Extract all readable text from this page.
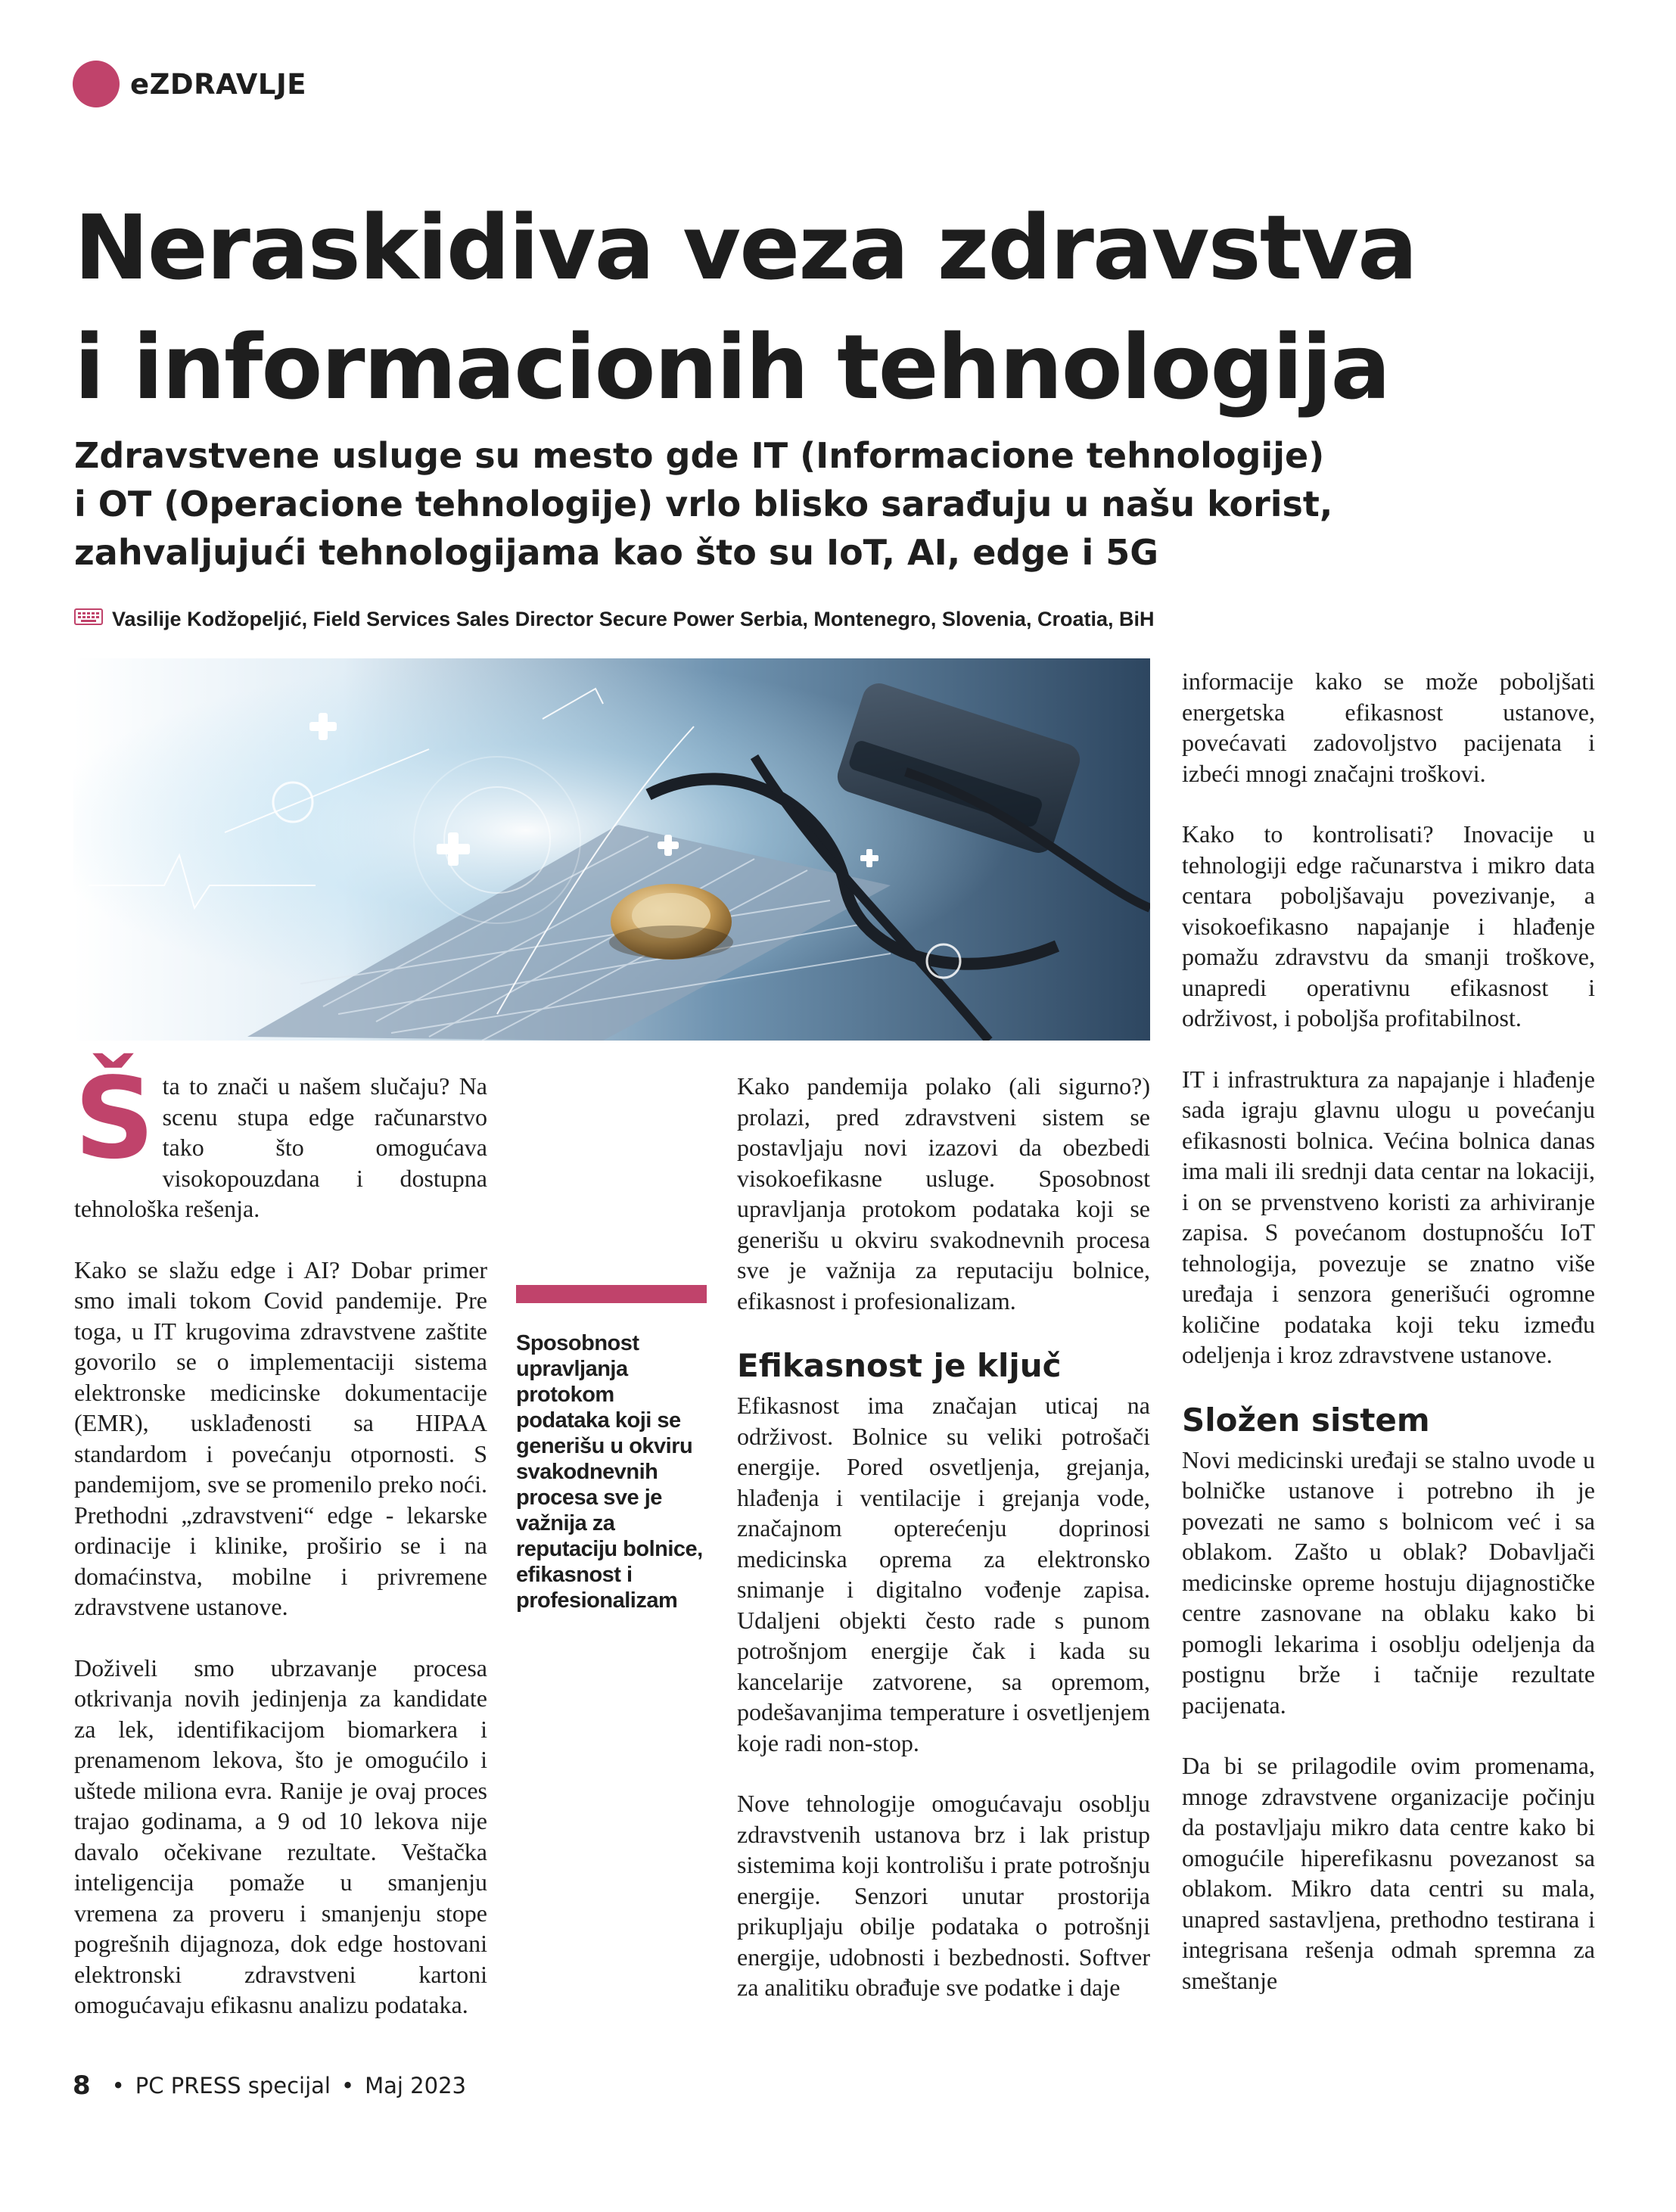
eZDRAVLJE
Neraskidiva veza zdravstva
i informacionih tehnologija
Zdravstvene usluge su mesto gde IT (Informacione tehnologije)
i OT (Operacione tehnologije) vrlo blisko sarađuju u našu korist,
zahvaljujući tehnologijama kao što su IoT, AI, edge i 5G
Vasilije Kodžopeljić, Field Services Sales Director Secure Power Serbia, Montenegro, Slovenia, Croatia, BiH

Š ta to znači u našem slučaju? Na scenu stupa edge računarstvo tako što omogućava visokopouzdana i dostupna tehnološka rešenja.

Kako se slažu edge i AI? Dobar primer smo imali tokom Covid pandemije. Pre toga, u IT krugovima zdravstvene zaštite govorilo se o implementaciji sistema elektronske medicinske dokumentacije (EMR), usklađenosti sa HIPAA standardom i povećanju otpornosti. S pandemijom, sve se promenilo preko noći. Prethodni „zdravstveni“ edge - lekarske ordinacije i klinike, proširio se i na domaćinstva, mobilne i privremene zdravstvene ustanove.

Doživeli smo ubrzavanje procesa otkrivanja novih jedinjenja za kandidate za lek, identifikacijom biomarkera i prenamenom lekova, što je omogućilo i uštede miliona evra. Ranije je ovaj proces trajao godinama, a 9 od 10 lekova nije davalo očekivane rezultate. Veštačka inteligencija pomaže u smanjenju vremena za proveru i smanjenju stope pogrešnih dijagnoza, dok edge hostovani elektronski zdravstveni kartoni omogućavaju efikasnu analizu podataka.

Sposobnost upravljanja protokom podataka koji se generišu u okviru svakodnevnih procesa sve je važnija za reputaciju bolnice, efikasnost i profesionalizam

Kako pandemija polako (ali sigurno?) prolazi, pred zdravstveni sistem se postavljaju novi izazovi da obezbedi visokoefikasne usluge. Sposobnost upravljanja protokom podataka koji se generišu u okviru svakodnevnih procesa sve je važnija za reputaciju bolnice, efikasnost i profesionalizam.

Efikasnost je ključ

Efikasnost ima značajan uticaj na održivost. Bolnice su veliki potrošači energije. Pored osvetljenja, grejanja, hlađenja i ventilacije i grejanja vode, značajnom opterećenju doprinosi medicinska oprema za elektronsko snimanje i digitalno vođenje zapisa. Udaljeni objekti često rade s punom potrošnjom energije čak i kada su kancelarije zatvorene, sa opremom, podešavanjima temperature i osvetljenjem koje radi non-stop.

Nove tehnologije omogućavaju osoblju zdravstvenih ustanova brz i lak pristup sistemima koji kontrolišu i prate potrošnju energije. Senzori unutar prostorija prikupljaju obilje podataka o potrošnji energije, udobnosti i bezbednosti. Softver za analitiku obrađuje sve podatke i daje

informacije kako se može poboljšati energetska efikasnost ustanove, povećavati zadovoljstvo pacijenata i izbeći mnogi značajni troškovi.

Kako to kontrolisati? Inovacije u tehnologiji edge računarstva i mikro data centara poboljšavaju povezivanje, a visokoefikasno napajanje i hlađenje pomažu zdravstvu da smanji troškove, unapredi operativnu efikasnost i održivost, i poboljša profitabilnost.

IT i infrastruktura za napajanje i hlađenje sada igraju glavnu ulogu u povećanju efikasnosti bolnica. Većina bolnica danas ima mali ili srednji data centar na lokaciji, i on se prvenstveno koristi za arhiviranje zapisa. S povećanom dostupnošću IoT tehnologija, povezuje se znatno više uređaja i senzora generišući ogromne količine podataka koji teku između odeljenja i kroz zdravstvene ustanove.

Složen sistem

Novi medicinski uređaji se stalno uvode u bolničke ustanove i potrebno ih je povezati ne samo s bolnicom već i sa oblakom. Zašto u oblak? Dobavljači medicinske opreme hostuju dijagnostičke centre zasnovane na oblaku kako bi pomogli lekarima i osoblju odeljenja da postignu brže i tačnije rezultate pacijenata.

Da bi se prilagodile ovim promenama, mnoge zdravstvene organizacije počinju da postavljaju mikro data centre kako bi omogućile hiperefikasnu povezanost sa oblakom. Mikro data centri su mala, unapred sastavljena, prethodno testirana i integrisana rešenja odmah spremna za smeštanje

8 • PC PRESS specijal • Maj 2023
